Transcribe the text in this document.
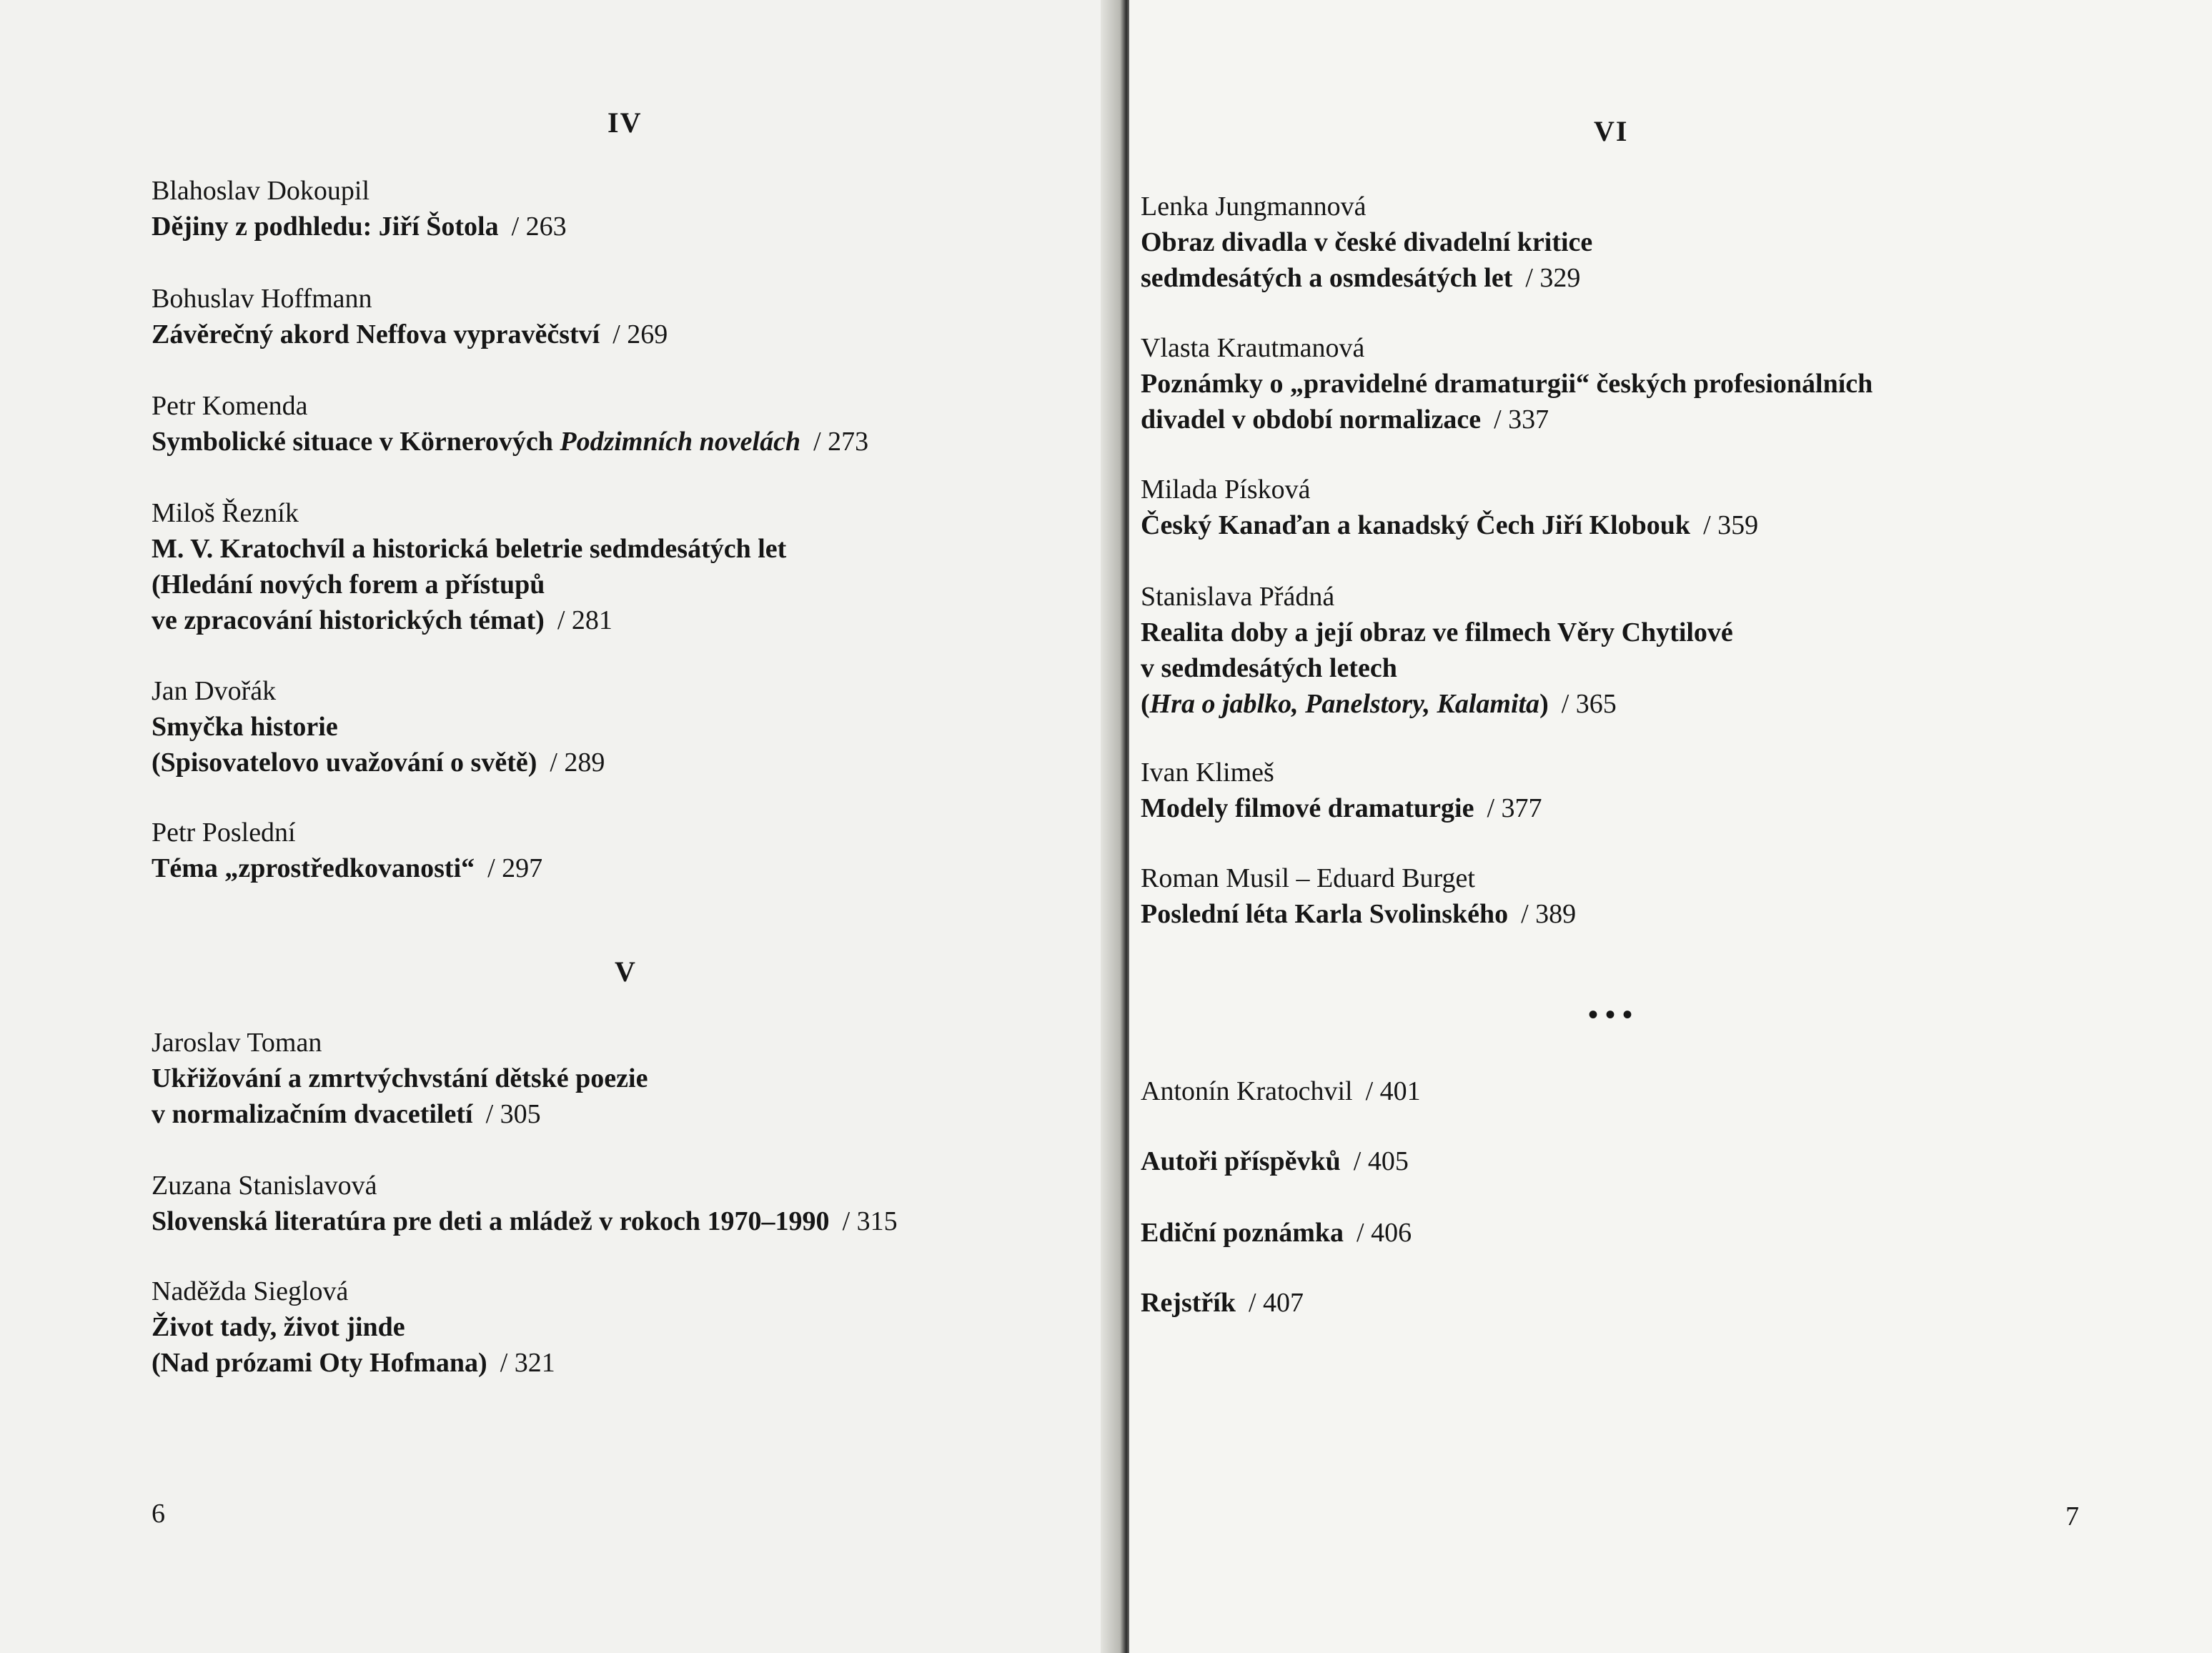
IV
Blahoslav Dokoupil
Dějiny z podhledu: Jiří Šotola / 263
Bohuslav Hoffmann
Závěrečný akord Neffova vypravěčství / 269
Petr Komenda
Symbolické situace v Körnerových Podzimních novelách / 273
Miloš Řezník
M. V. Kratochvíl a historická beletrie sedmdesátých let
(Hledání nových forem a přístupů
ve zpracování historických témat) / 281
Jan Dvořák
Smyčka historie
(Spisovatelovo uvažování o světě) / 289
Petr Poslední
Téma „zprostředkovanosti“ / 297
V
Jaroslav Toman
Ukřižování a zmrtvýchvstání dětské poezie
v normalizačním dvacetiletí / 305
Zuzana Stanislavová
Slovenská literatúra pre deti a mládež v rokoch 1970–1990 / 315
Naděžda Sieglová
Život tady, život jinde
(Nad prózami Oty Hofmana) / 321
6
VI
Lenka Jungmannová
Obraz divadla v české divadelní kritice
sedmdesátých a osmdesátých let / 329
Vlasta Krautmanová
Poznámky o „pravidelné dramaturgii“ českých profesionálních
divadel v období normalizace / 337
Milada Písková
Český Kanaďan a kanadský Čech Jiří Klobouk / 359
Stanislava Přádná
Realita doby a její obraz ve filmech Věry Chytilové
v sedmdesátých letech
(Hra o jablko, Panelstory, Kalamita) / 365
Ivan Klimeš
Modely filmové dramaturgie / 377
Roman Musil – Eduard Burget
Poslední léta Karla Svolinského / 389
•••
Antonín Kratochvil / 401
Autoři příspěvků / 405
Ediční poznámka / 406
Rejstřík / 407
7
